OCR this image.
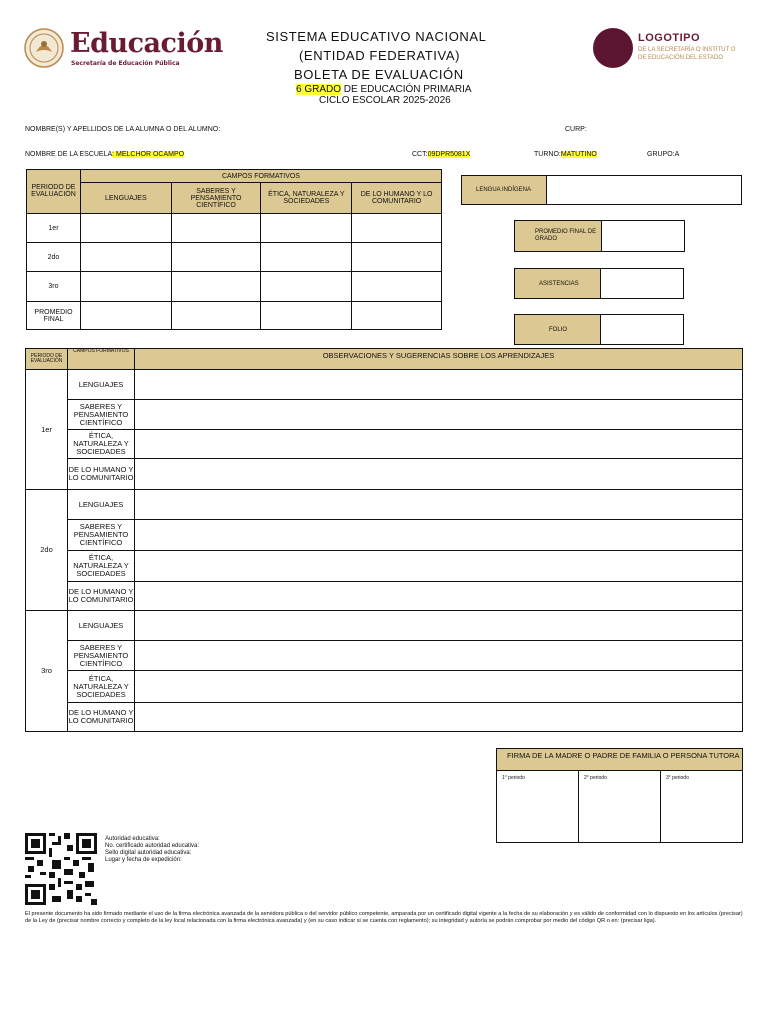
Educación
Secretaría de Educación Pública
SISTEMA EDUCATIVO NACIONAL
(ENTIDAD FEDERATIVA)
BOLETA DE EVALUACIÓN
6 GRADO DE EDUCACIÓN PRIMARIA
CICLO ESCOLAR 2025-2026
LOGOTIPO
DE LA SECRETARÍA O INSTITUT O
DE EDUCACIÓN DEL ESTADO
NOMBRE(S) Y APELLIDOS DE LA ALUMNA O DEL ALUMNO:	CURP:
NOMBRE DE LA ESCUELA: MELCHOR OCAMPO	CCT:09DPR5081X	TURNO:MATUTINO	GRUPO:A
PERIODO DE EVALUACIÓN	CAMPOS FORMATIVOS			
	LENGUAJES	SABERES Y PENSAMIENTO CIENTÍFICO	ÉTICA, NATURALEZA Y SOCIEDADES	DE LO HUMANO Y LO COMUNITARIO
1er				
2do				
3ro				
PROMEDIO FINAL				
LENGUA INDÍGENA
PROMEDIO FINAL DE GRADO
ASISTENCIAS
FOLIO
PERIODO DE EVALUACIÓN	CAMPOS FORMATIVOS	OBSERVACIONES Y SUGERENCIAS SOBRE LOS APRENDIZAJES
1er	LENGUAJES	
	SABERES Y PENSAMIENTO CIENTÍFICO	
	ÉTICA, NATURALEZA Y SOCIEDADES	
	DE LO HUMANO Y LO COMUNITARIO	
2do	LENGUAJES	
	SABERES Y PENSAMIENTO CIENTÍFICO	
	ÉTICA, NATURALEZA Y SOCIEDADES	
	DE LO HUMANO Y LO COMUNITARIO	
3ro	LENGUAJES	
	SABERES Y PENSAMIENTO CIENTÍFICO	
	ÉTICA, NATURALEZA Y SOCIEDADES	
	DE LO HUMANO Y LO COMUNITARIO	
FIRMA DE LA MADRE O PADRE DE FAMILIA O PERSONA TUTORA
1° periodo	2° periodo	3° periodo
Autoridad educativa:
No. certificado autoridad educativa:
Sello digital autoridad educativa:
Lugar y fecha de expedición:
El presente documento ha sido firmado mediante el uso de la firma electrónica avanzada de la servidora pública o del servidor público competente, amparada por un certificado digital vigente a la fecha de su elaboración y es válido de conformidad con lo dispuesto en los artículos (precisar) de la Ley de (precisar nombre correcto y completo de la ley local relacionada con la firma electrónica avanzada) y (en su caso indicar si se cuenta con reglamento); su integridad y autoría se podrán comprobar por medio del código QR o en: (precisar liga).
